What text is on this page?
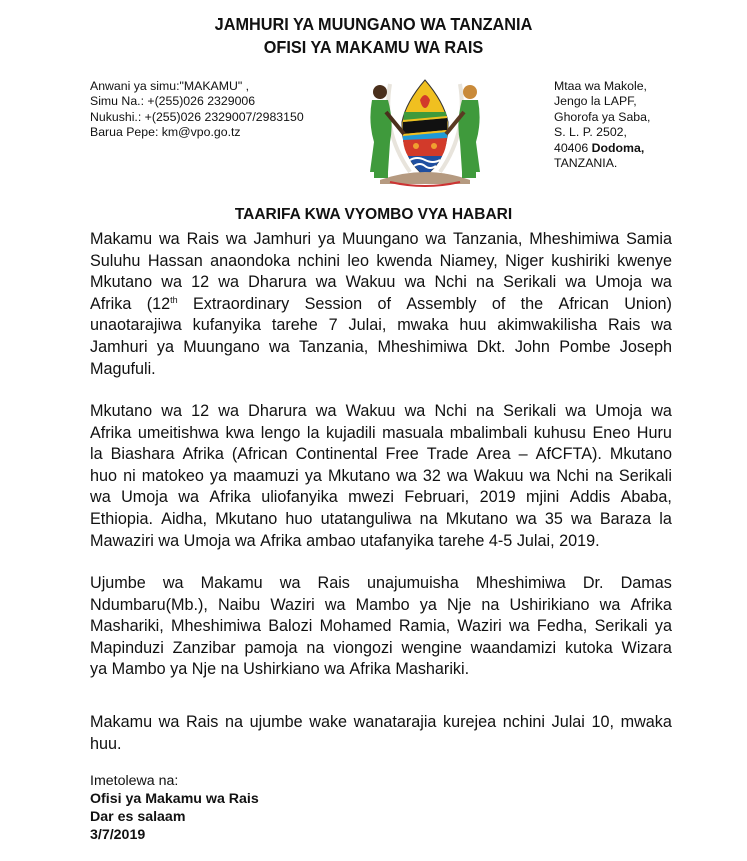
JAMHURI YA MUUNGANO WA TANZANIA
OFISI YA MAKAMU WA RAIS
Anwani ya simu:"MAKAMU" ,
Simu Na.: +(255)026 2329006
Nukushi.: +(255)026 2329007/2983150
Barua Pepe: km@vpo.go.tz
Mtaa wa Makole,
Jengo la LAPF,
Ghorofa ya Saba,
S. L. P. 2502,
40406 Dodoma,
TANZANIA.
TAARIFA KWA VYOMBO VYA HABARI
Makamu wa Rais wa Jamhuri ya Muungano wa Tanzania, Mheshimiwa Samia
Suluhu Hassan anaondoka nchini leo kwenda Niamey, Niger kushiriki kwenye
Mkutano wa 12 wa Dharura wa Wakuu wa Nchi na Serikali wa Umoja wa
Afrika (12th Extraordinary Session of Assembly of the African Union)
unaotarajiwa kufanyika tarehe 7 Julai, mwaka huu akimwakilisha Rais wa
Jamhuri ya Muungano wa Tanzania, Mheshimiwa Dkt. John Pombe Joseph
Magufuli.
Mkutano wa 12 wa Dharura wa Wakuu wa Nchi na Serikali wa Umoja wa
Afrika umeitishwa kwa lengo la kujadili masuala mbalimbali kuhusu Eneo Huru
la Biashara Afrika (African Continental Free Trade Area – AfCFTA). Mkutano
huo ni matokeo ya maamuzi ya Mkutano wa 32 wa Wakuu wa Nchi na Serikali
wa Umoja wa Afrika uliofanyika mwezi Februari, 2019 mjini Addis Ababa,
Ethiopia. Aidha, Mkutano huo utatanguliwa na Mkutano wa 35 wa Baraza la
Mawaziri wa Umoja wa Afrika ambao utafanyika tarehe 4-5 Julai, 2019.
Ujumbe wa Makamu wa Rais unajumuisha Mheshimiwa Dr. Damas
Ndumbaru(Mb.), Naibu Waziri wa Mambo ya Nje na Ushirikiano wa Afrika
Mashariki, Mheshimiwa Balozi Mohamed Ramia, Waziri wa Fedha, Serikali ya
Mapinduzi Zanzibar pamoja na viongozi wengine waandamizi kutoka Wizara
ya Mambo ya Nje na Ushirkiano wa Afrika Mashariki.
Makamu wa Rais na ujumbe wake wanatarajia kurejea nchini Julai 10, mwaka
huu.
Imetolewa na:
Ofisi ya Makamu wa Rais
Dar es salaam
3/7/2019
